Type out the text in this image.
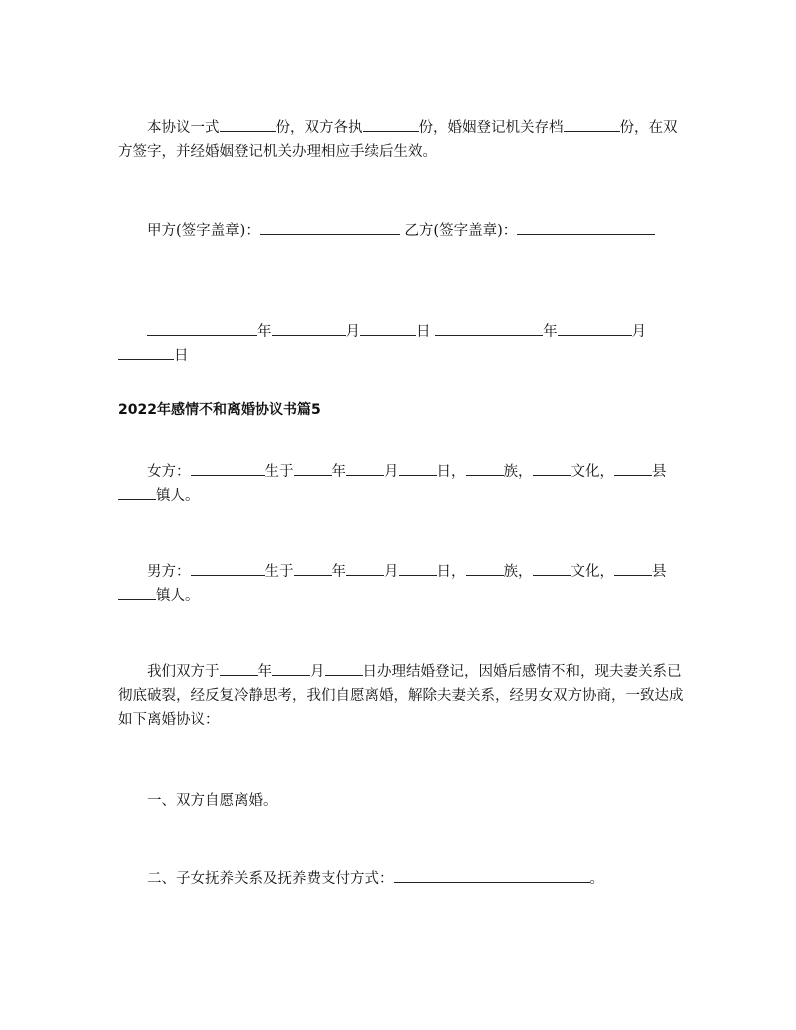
本协议一式	份，双方各执	份，婚姻登记机关存档	份，在双方签字，并经婚姻登记机关办理相应手续后生效。

甲方(签字盖章)：	乙方(签字盖章)：

年	月	日	年	月日

2022年感情不和离婚协议书篇5

女方：	生于	年	月	日，	族，	文化，	县镇人。

男方：	生于	年	月	日，	族，	文化，	县镇人。

我们双方于	年	月	日办理结婚登记，因婚后感情不和，现夫妻关系已彻底破裂，经反复冷静思考，我们自愿离婚，解除夫妻关系，经男女双方协商，一致达成如下离婚协议：

一、双方自愿离婚。

二、子女抚养关系及抚养费支付方式：	。
